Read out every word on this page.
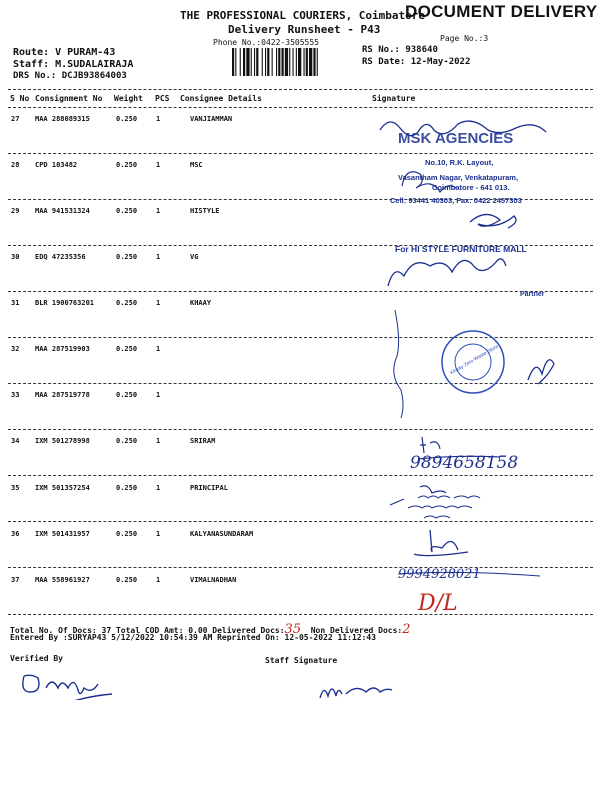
THE PROFESSIONAL COURIERS, Coimbatore
DOCUMENT DELIVERY
Delivery Runsheet - P43
Phone No.:0422-3505555	Page No.:3
RS No.: 938640
RS Date: 12-May-2022
Route: V PURAM-43
Staff: M.SUDALAIRAJA
DRS No.: DCJB93864003
S No Consignment No Weight PCS Consignee Details	Signature
27 MAA 288089315	0.250	1	VANJIAMMAN
28 CPD 103482	0.250	1	MSC
29 MAA 941531324	0.250	1	HISTYLE
30 EDQ 47235356	0.250	1	VG
31 BLR 1900763201	0.250	1	KHAAY
32 MAA 287519903	0.250	1
33 MAA 287519778	0.250	1
34 IXM 501278998	0.250	1	SRIRAM
35 IXM 501357254	0.250	1	PRINCIPAL
36 IXM 501431957	0.250	1	KALYANASUNDARAM
37 MAA 558961927	0.250	1	VIMALNADHAN
MSK AGENCIES
No.10, R.K. Layout,
Vasantham Nagar, Venkatapuram,
Coimbatore - 641 013.
Cell: 93441 40303, Fax: 0422 2457303
For HI STYLE FURNITURE MALL
Partner
Khaay Zero Waste Store
9894658158
9994928021
D/L
Total No. Of Docs: 37 Total COD Amt: 0.00 Delivered Docs:35 Non Delivered Docs:2
Entered By :SURYAP43 5/12/2022 10:54:39 AM Reprinted On: 12-05-2022 11:12:43
Verified By	Staff Signature
